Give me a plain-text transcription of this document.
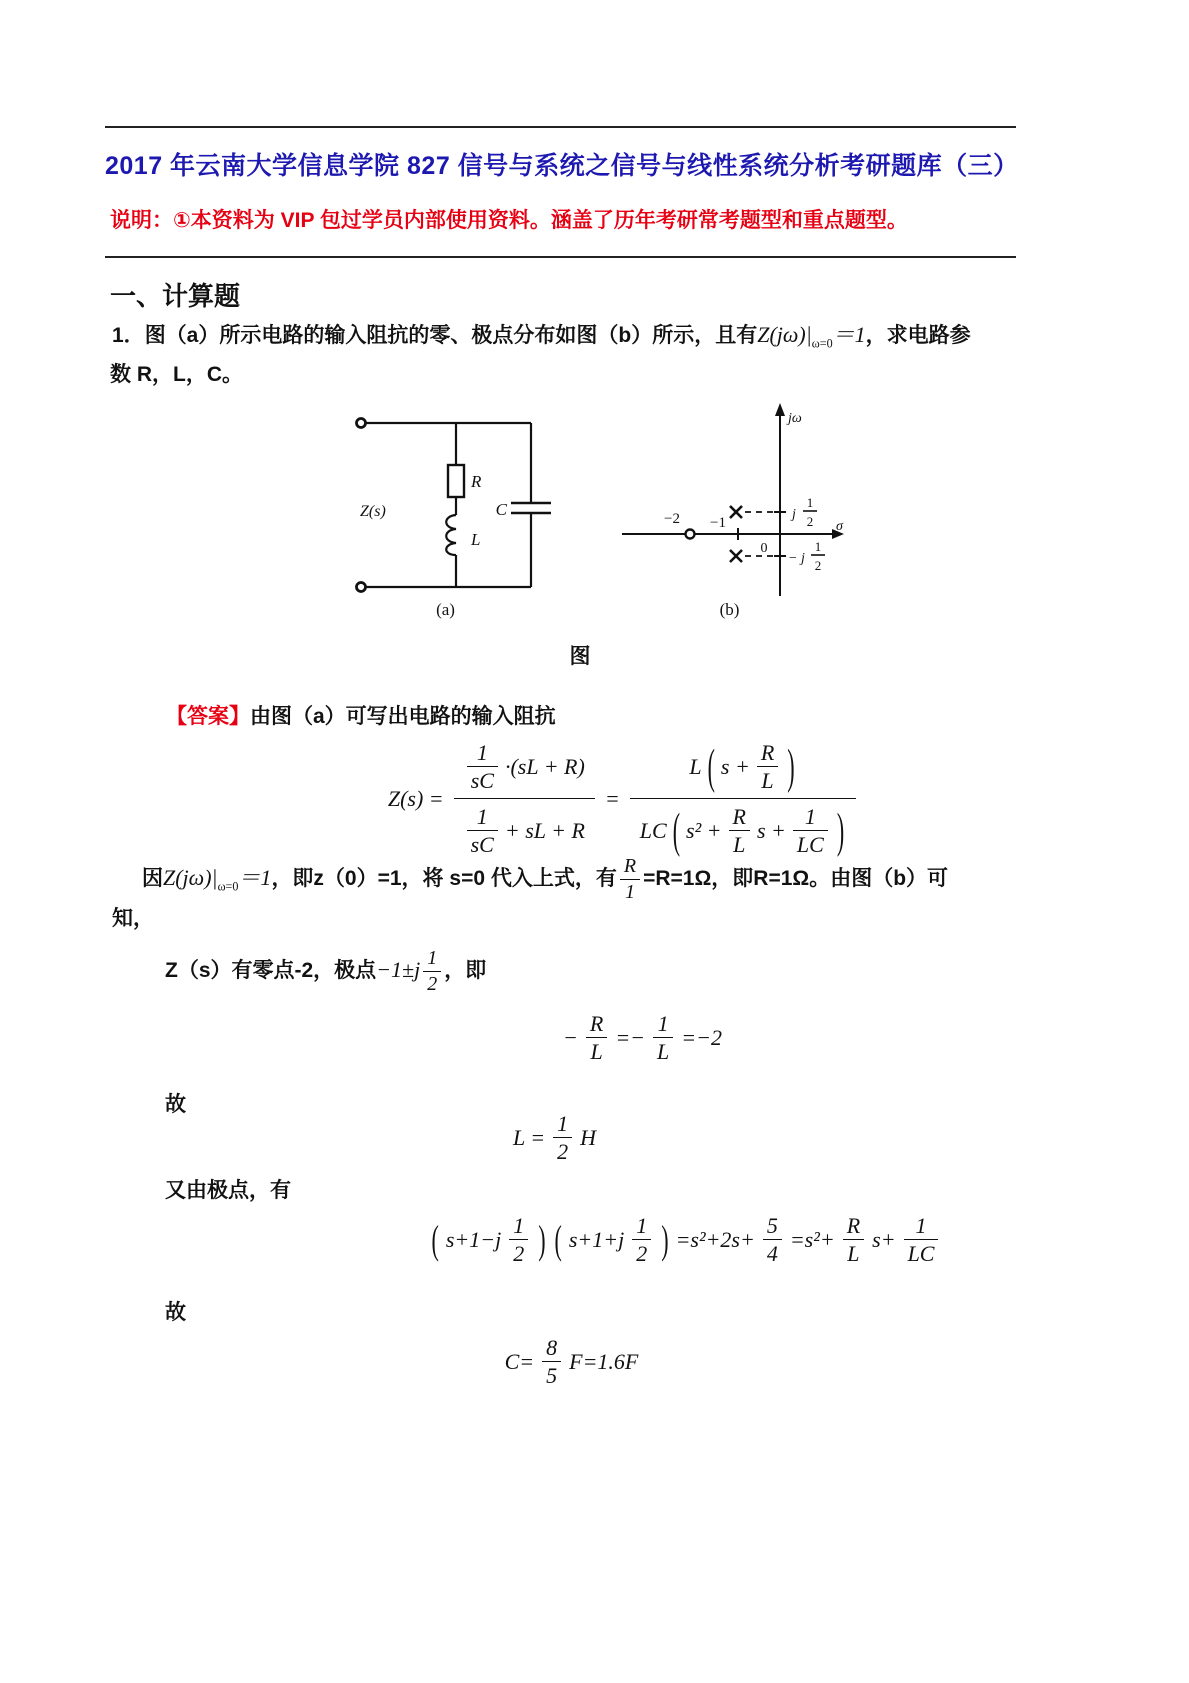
2017 年云南大学信息学院 827 信号与系统之信号与线性系统分析考研题库（三）
说明：①本资料为 VIP 包过学员内部使用资料。涵盖了历年考研常考题型和重点题型。
一、计算题

1．图（a）所示电路的输入阻抗的零、极点分布如图（b）所示，且有$Z(j\omega)|_{\omega=0}=1$，求电路参

数 R，L，C。

Z(s)
R
L
C
jω
σ
−2 −1
0
j
1
2
− j
1
2
(a)	(b)
图

【答案】由图（a）可写出电路的输入阻抗

$Z(s) = \frac{\frac{1}{sC} \cdot(sL + R)}{\frac{1}{sC} + sL + R}$ =
L ( $s + \frac{R}{L}$ )
LC ( $s^2 + \frac{R}{L}$ $s + \frac{1}{LC}$ )
因$Z(j\omega)|_{\omega=0}=1$，即z（0）=1，将 s=0 代入上式，有 $\frac{R}{1} =R=1\Omega$，即R=1Ω。由图（b）可
知，
Z（s）有零点-2，极点$-1\pm j \frac{1}{2}$ ，即
− $\frac{R}{L} =- \frac{1}{L} =-2$
故
$L = \frac{1}{2}$ H
又由极点，有
( $s+1-j \frac{1}{2}$ ) ( $s+1+j \frac{1}{2}$ ) $=s^2+2s+ \frac{5}{4} =s^2+ \frac{R}{L} s+ \frac{1}{LC}$
故
$C= \frac{8}{5} F=1.6F$
